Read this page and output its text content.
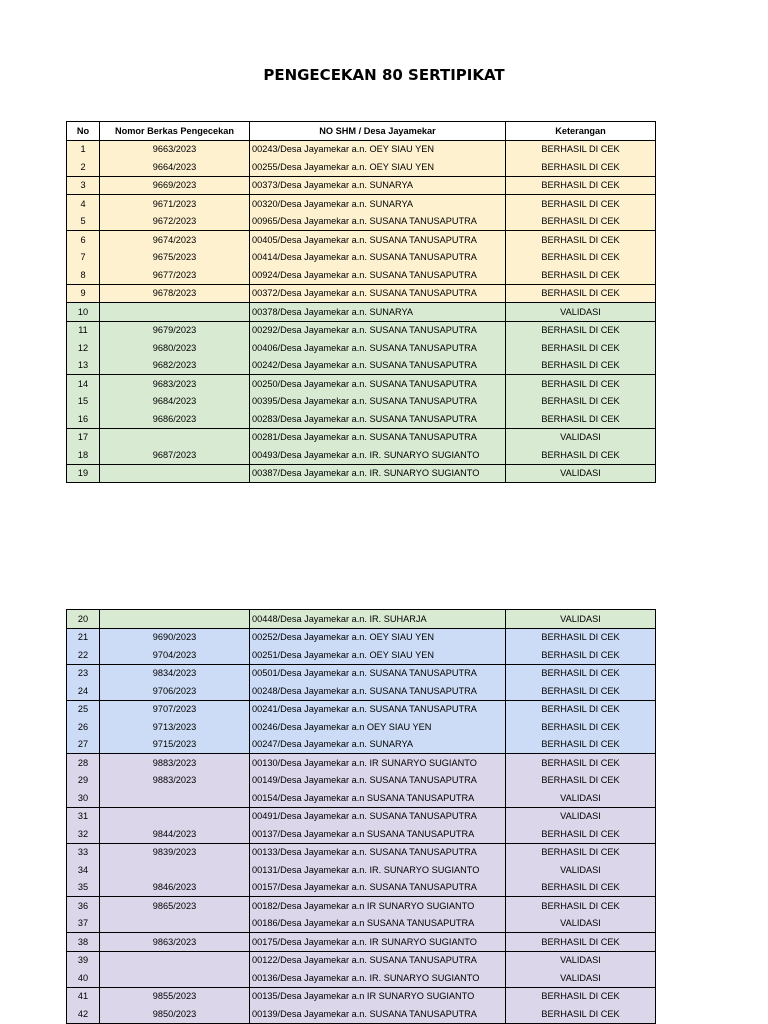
PENGECEKAN 80 SERTIPIKAT
No	Nomor Berkas Pengecekan	NO SHM / Desa Jayamekar	Keterangan
1	9663/2023	00243/Desa Jayamekar a.n. OEY SIAU YEN	BERHASIL DI CEK
2	9664/2023	00255/Desa Jayamekar a.n. OEY SIAU YEN	BERHASIL DI CEK
3	9669/2023	00373/Desa Jayamekar a.n. SUNARYA	BERHASIL DI CEK
4	9671/2023	00320/Desa Jayamekar a.n. SUNARYA	BERHASIL DI CEK
5	9672/2023	00965/Desa Jayamekar a.n. SUSANA TANUSAPUTRA	BERHASIL DI CEK
6	9674/2023	00405/Desa Jayamekar a.n. SUSANA TANUSAPUTRA	BERHASIL DI CEK
7	9675/2023	00414/Desa Jayamekar a.n. SUSANA TANUSAPUTRA	BERHASIL DI CEK
8	9677/2023	00924/Desa Jayamekar a.n. SUSANA TANUSAPUTRA	BERHASIL DI CEK
9	9678/2023	00372/Desa Jayamekar a.n. SUSANA TANUSAPUTRA	BERHASIL DI CEK
10		00378/Desa Jayamekar a.n. SUNARYA	VALIDASI
11	9679/2023	00292/Desa Jayamekar a.n. SUSANA TANUSAPUTRA	BERHASIL DI CEK
12	9680/2023	00406/Desa Jayamekar a.n. SUSANA TANUSAPUTRA	BERHASIL DI CEK
13	9682/2023	00242/Desa Jayamekar a.n. SUSANA TANUSAPUTRA	BERHASIL DI CEK
14	9683/2023	00250/Desa Jayamekar a.n. SUSANA TANUSAPUTRA	BERHASIL DI CEK
15	9684/2023	00395/Desa Jayamekar a.n. SUSANA TANUSAPUTRA	BERHASIL DI CEK
16	9686/2023	00283/Desa Jayamekar a.n. SUSANA TANUSAPUTRA	BERHASIL DI CEK
17		00281/Desa Jayamekar a.n. SUSANA TANUSAPUTRA	VALIDASI
18	9687/2023	00493/Desa Jayamekar a.n. IR. SUNARYO SUGIANTO	BERHASIL DI CEK
19		00387/Desa Jayamekar a.n. IR. SUNARYO SUGIANTO	VALIDASI
20		00448/Desa Jayamekar a.n. IR. SUHARJA	VALIDASI
21	9690/2023	00252/Desa Jayamekar a.n. OEY SIAU YEN	BERHASIL DI CEK
22	9704/2023	00251/Desa Jayamekar a.n. OEY SIAU YEN	BERHASIL DI CEK
23	9834/2023	00501/Desa Jayamekar a.n. SUSANA TANUSAPUTRA	BERHASIL DI CEK
24	9706/2023	00248/Desa Jayamekar a.n. SUSANA TANUSAPUTRA	BERHASIL DI CEK
25	9707/2023	00241/Desa Jayamekar a.n. SUSANA TANUSAPUTRA	BERHASIL DI CEK
26	9713/2023	00246/Desa Jayamekar a.n OEY SIAU YEN	BERHASIL DI CEK
27	9715/2023	00247/Desa Jayamekar a.n. SUNARYA	BERHASIL DI CEK
28	9883/2023	00130/Desa Jayamekar a.n. IR SUNARYO SUGIANTO	BERHASIL DI CEK
29	9883/2023	00149/Desa Jayamekar a.n. SUSANA TANUSAPUTRA	BERHASIL DI CEK
30		00154/Desa Jayamekar a.n SUSANA TANUSAPUTRA	VALIDASI
31		00491/Desa Jayamekar a.n. SUSANA TANUSAPUTRA	VALIDASI
32	9844/2023	00137/Desa Jayamekar a.n SUSANA TANUSAPUTRA	BERHASIL DI CEK
33	9839/2023	00133/Desa Jayamekar a.n. SUSANA TANUSAPUTRA	BERHASIL DI CEK
34		00131/Desa Jayamekar a.n. IR. SUNARYO SUGIANTO	VALIDASI
35	9846/2023	00157/Desa Jayamekar a.n. SUSANA TANUSAPUTRA	BERHASIL DI CEK
36	9865/2023	00182/Desa Jayamekar a.n IR SUNARYO SUGIANTO	BERHASIL DI CEK
37		00186/Desa Jayamekar a.n SUSANA TANUSAPUTRA	VALIDASI
38	9863/2023	00175/Desa Jayamekar a.n. IR SUNARYO SUGIANTO	BERHASIL DI CEK
39		00122/Desa Jayamekar a.n. SUSANA TANUSAPUTRA	VALIDASI
40		00136/Desa Jayamekar a.n. IR. SUNARYO SUGIANTO	VALIDASI
41	9855/2023	00135/Desa Jayamekar a.n IR SUNARYO SUGIANTO	BERHASIL DI CEK
42	9850/2023	00139/Desa Jayamekar a.n. SUSANA TANUSAPUTRA	BERHASIL DI CEK
